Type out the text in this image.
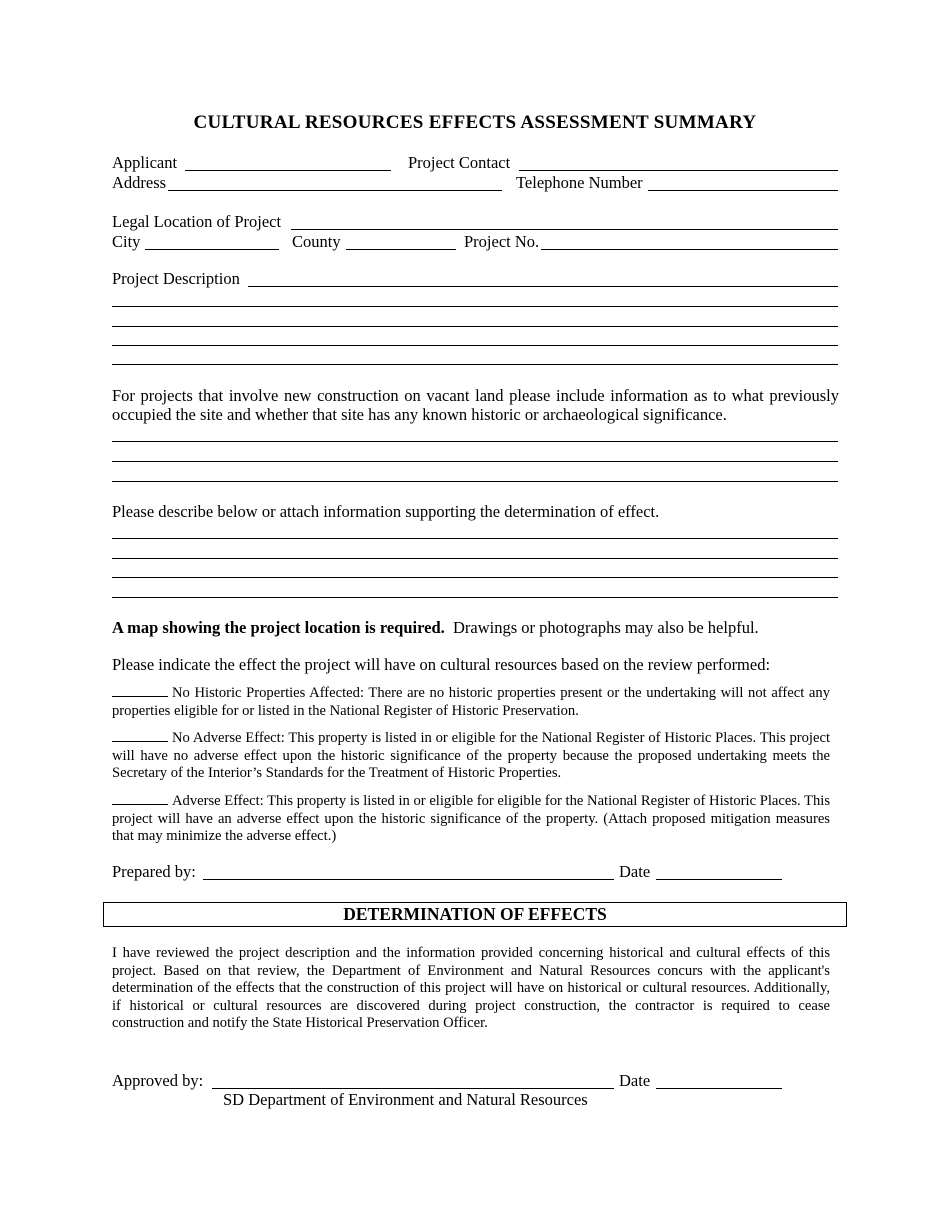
CULTURAL RESOURCES EFFECTS ASSESSMENT SUMMARY
Applicant	Project Contact
Address	Telephone Number
Legal Location of Project
City	County	Project No.
Project Description
For projects that involve new construction on vacant land please include information as to what previously occupied the site and whether that site has any known historic or archaeological significance.
Please describe below or attach information supporting the determination of effect.
A map showing the project location is required. Drawings or photographs may also be helpful.
Please indicate the effect the project will have on cultural resources based on the review performed:
No Historic Properties Affected: There are no historic properties present or the undertaking will not affect any properties eligible for or listed in the National Register of Historic Preservation.
No Adverse Effect: This property is listed in or eligible for the National Register of Historic Places. This project will have no adverse effect upon the historic significance of the property because the proposed undertaking meets the Secretary of the Interior’s Standards for the Treatment of Historic Properties.
Adverse Effect: This property is listed in or eligible for eligible for the National Register of Historic Places. This project will have an adverse effect upon the historic significance of the property. (Attach proposed mitigation measures that may minimize the adverse effect.)
Prepared by:	Date
DETERMINATION OF EFFECTS
I have reviewed the project description and the information provided concerning historical and cultural effects of this project. Based on that review, the Department of Environment and Natural Resources concurs with the applicant's determination of the effects that the construction of this project will have on historical or cultural resources. Additionally, if historical or cultural resources are discovered during project construction, the contractor is required to cease construction and notify the State Historical Preservation Officer.
Approved by:	Date
SD Department of Environment and Natural Resources
